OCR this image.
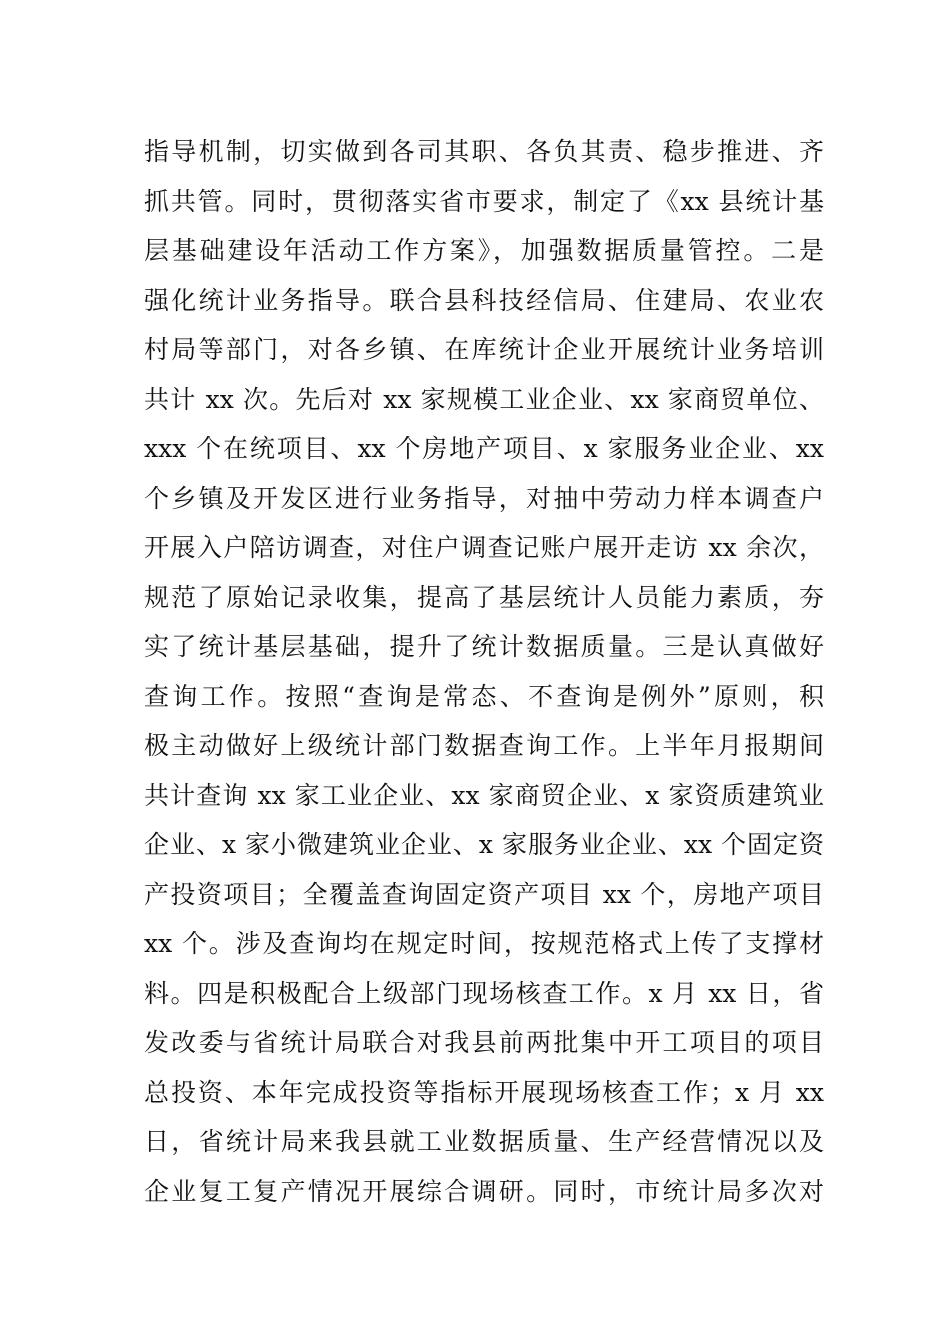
指导机制，切实做到各司其职、各负其责、稳步推进、齐
抓共管。同时，贯彻落实省市要求，制定了《xx 县统计基
层基础建设年活动工作方案》，加强数据质量管控。二是
强化统计业务指导。联合县科技经信局、住建局、农业农
村局等部门，对各乡镇、在库统计企业开展统计业务培训
共计 xx 次。先后对 xx 家规模工业企业、xx 家商贸单位、
xxx 个在统项目、xx 个房地产项目、x 家服务业企业、xx
个乡镇及开发区进行业务指导，对抽中劳动力样本调查户
开展入户陪访调查，对住户调查记账户展开走访 xx 余次，
规范了原始记录收集，提高了基层统计人员能力素质，夯
实了统计基层基础，提升了统计数据质量。三是认真做好
查询工作。按照“查询是常态、不查询是例外”原则，积
极主动做好上级统计部门数据查询工作。上半年月报期间
共计查询 xx 家工业企业、xx 家商贸企业、x 家资质建筑业
企业、x 家小微建筑业企业、x 家服务业企业、xx 个固定资
产投资项目；全覆盖查询固定资产项目 xx 个，房地产项目
xx 个。涉及查询均在规定时间，按规范格式上传了支撑材
料。四是积极配合上级部门现场核查工作。x 月 xx 日，省
发改委与省统计局联合对我县前两批集中开工项目的项目
总投资、本年完成投资等指标开展现场核查工作；x 月 xx
日，省统计局来我县就工业数据质量、生产经营情况以及
企业复工复产情况开展综合调研。同时，市统计局多次对
